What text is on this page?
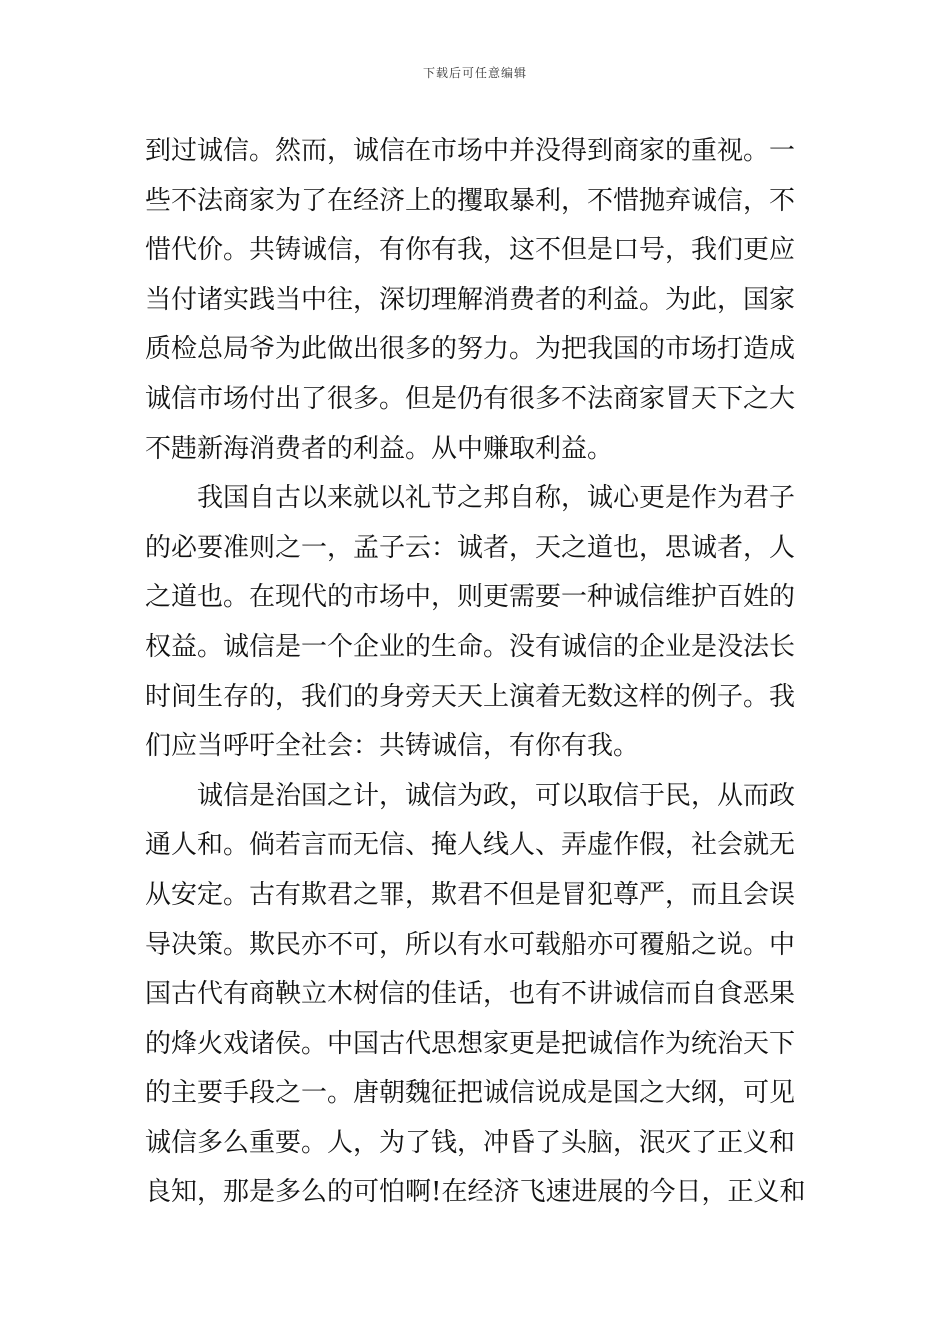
下载后可任意编辑
到过诚信。然而，诚信在市场中并没得到商家的重视。一
些不法商家为了在经济上的攫取暴利，不惜抛弃诚信，不
惜代价。共铸诚信，有你有我，这不但是口号，我们更应
当付诸实践当中往，深切理解消费者的利益。为此，国家
质检总局爷为此做出很多的努力。为把我国的市场打造成
诚信市场付出了很多。但是仍有很多不法商家冒天下之大
不韪新海消费者的利益。从中赚取利益。
我国自古以来就以礼节之邦自称，诚心更是作为君子
的必要准则之一，孟子云：诚者，天之道也，思诚者，人
之道也。在现代的市场中，则更需要一种诚信维护百姓的
权益。诚信是一个企业的生命。没有诚信的企业是没法长
时间生存的，我们的身旁天天上演着无数这样的例子。我
们应当呼吁全社会：共铸诚信，有你有我。
诚信是治国之计，诚信为政，可以取信于民，从而政
通人和。倘若言而无信、掩人线人、弄虚作假，社会就无
从安定。古有欺君之罪，欺君不但是冒犯尊严，而且会误
导决策。欺民亦不可，所以有水可载船亦可覆船之说。中
国古代有商鞅立木树信的佳话，也有不讲诚信而自食恶果
的烽火戏诸侯。中国古代思想家更是把诚信作为统治天下
的主要手段之一。唐朝魏征把诚信说成是国之大纲，可见
诚信多么重要。人，为了钱，冲昏了头脑，泯灭了正义和
良知，那是多么的可怕啊!在经济飞速进展的今日，正义和
